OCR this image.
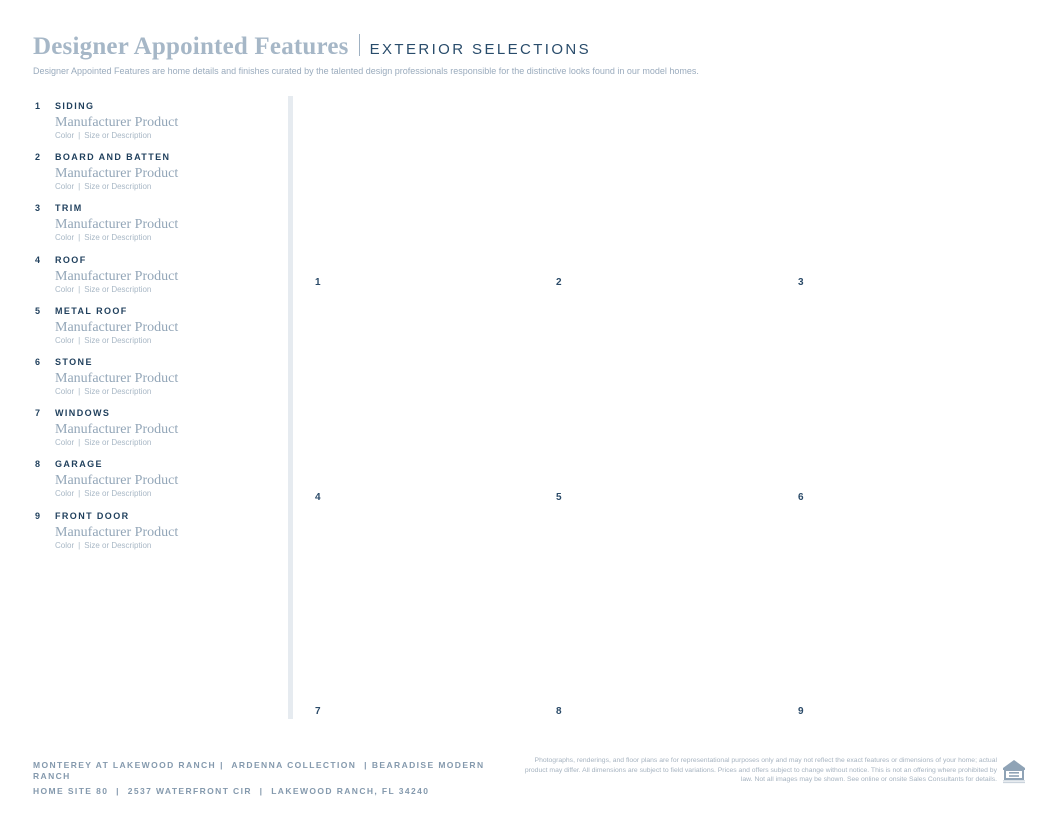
Designer Appointed Features EXTERIOR SELECTIONS
Designer Appointed Features are home details and finishes curated by the talented design professionals responsible for the distinctive looks found in our model homes.
1	SIDING
Manufacturer Product
Color | Size or Description
2	BOARD AND BATTEN
Manufacturer Product
Color | Size or Description
3	TRIM
Manufacturer Product
Color | Size or Description
4	ROOF
Manufacturer Product
Color | Size or Description
5	METAL ROOF
Manufacturer Product
Color | Size or Description
6	STONE
Manufacturer Product
Color | Size or Description
7	WINDOWS
Manufacturer Product
Color | Size or Description
8	GARAGE
Manufacturer Product
Color | Size or Description
9	FRONT DOOR
Manufacturer Product
Color | Size or Description
1	2	3
4	5	6
7	8	9
MONTEREY AT LAKEWOOD RANCH | ARDENNA COLLECTION | BEARADISE MODERN RANCH
HOME SITE 80 | 2537 WATERFRONT CIR | LAKEWOOD RANCH, FL 34240
Photographs, renderings, and floor plans are for representational purposes only and may not reflect the exact features or dimensions of your home; actual product may differ. All dimensions are subject to field variations. Prices and offers subject to change without notice. This is not an offering where prohibited by law. Not all images may be shown. See online or onsite Sales Consultants for details.
